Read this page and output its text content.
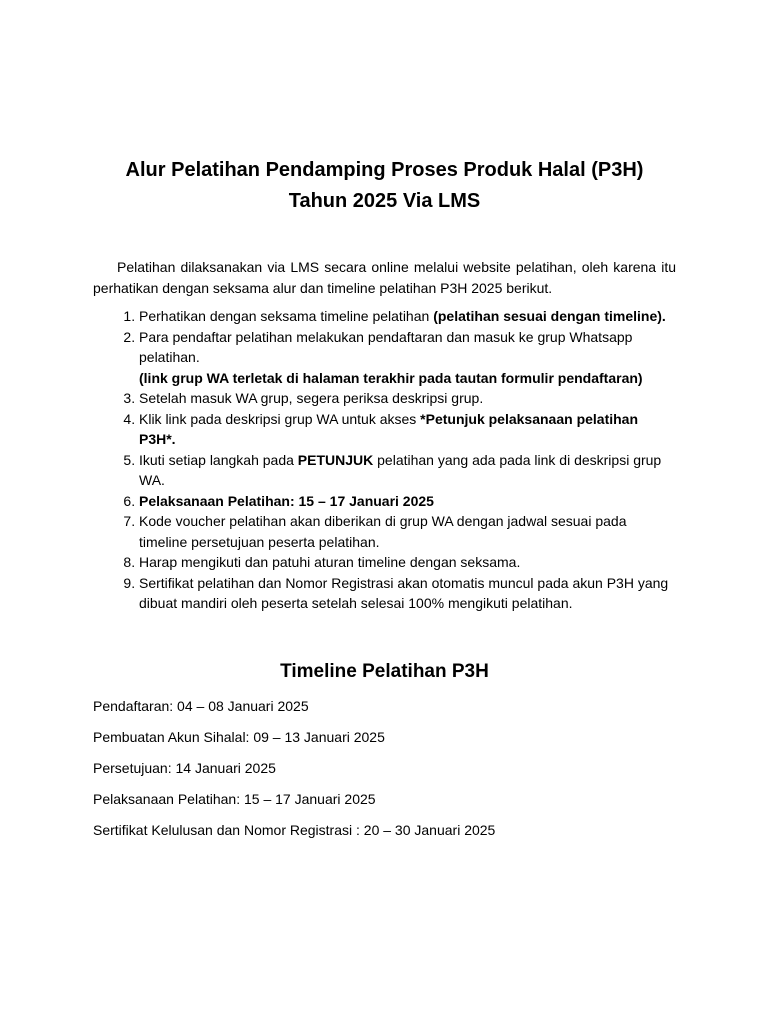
Alur Pelatihan Pendamping Proses Produk Halal (P3H)
Tahun 2025 Via LMS

Pelatihan dilaksanakan via LMS secara online melalui website pelatihan, oleh karena itu perhatikan dengan seksama alur dan timeline pelatihan P3H 2025 berikut.

1. Perhatikan dengan seksama timeline pelatihan (pelatihan sesuai dengan timeline).
2. Para pendaftar pelatihan melakukan pendaftaran dan masuk ke grup Whatsapp pelatihan.
(link grup WA terletak di halaman terakhir pada tautan formulir pendaftaran)
3. Setelah masuk WA grup, segera periksa deskripsi grup.
4. Klik link pada deskripsi grup WA untuk akses *Petunjuk pelaksanaan pelatihan P3H*.
5. Ikuti setiap langkah pada PETUNJUK pelatihan yang ada pada link di deskripsi grup WA.
6. Pelaksanaan Pelatihan: 15 – 17 Januari 2025
7. Kode voucher pelatihan akan diberikan di grup WA dengan jadwal sesuai pada timeline persetujuan peserta pelatihan.
8. Harap mengikuti dan patuhi aturan timeline dengan seksama.
9. Sertifikat pelatihan dan Nomor Registrasi akan otomatis muncul pada akun P3H yang dibuat mandiri oleh peserta setelah selesai 100% mengikuti pelatihan.
Timeline Pelatihan P3H

Pendaftaran: 04 – 08 Januari 2025

Pembuatan Akun Sihalal: 09 – 13 Januari 2025

Persetujuan: 14 Januari 2025

Pelaksanaan Pelatihan: 15 – 17 Januari 2025

Sertifikat Kelulusan dan Nomor Registrasi : 20 – 30 Januari 2025
